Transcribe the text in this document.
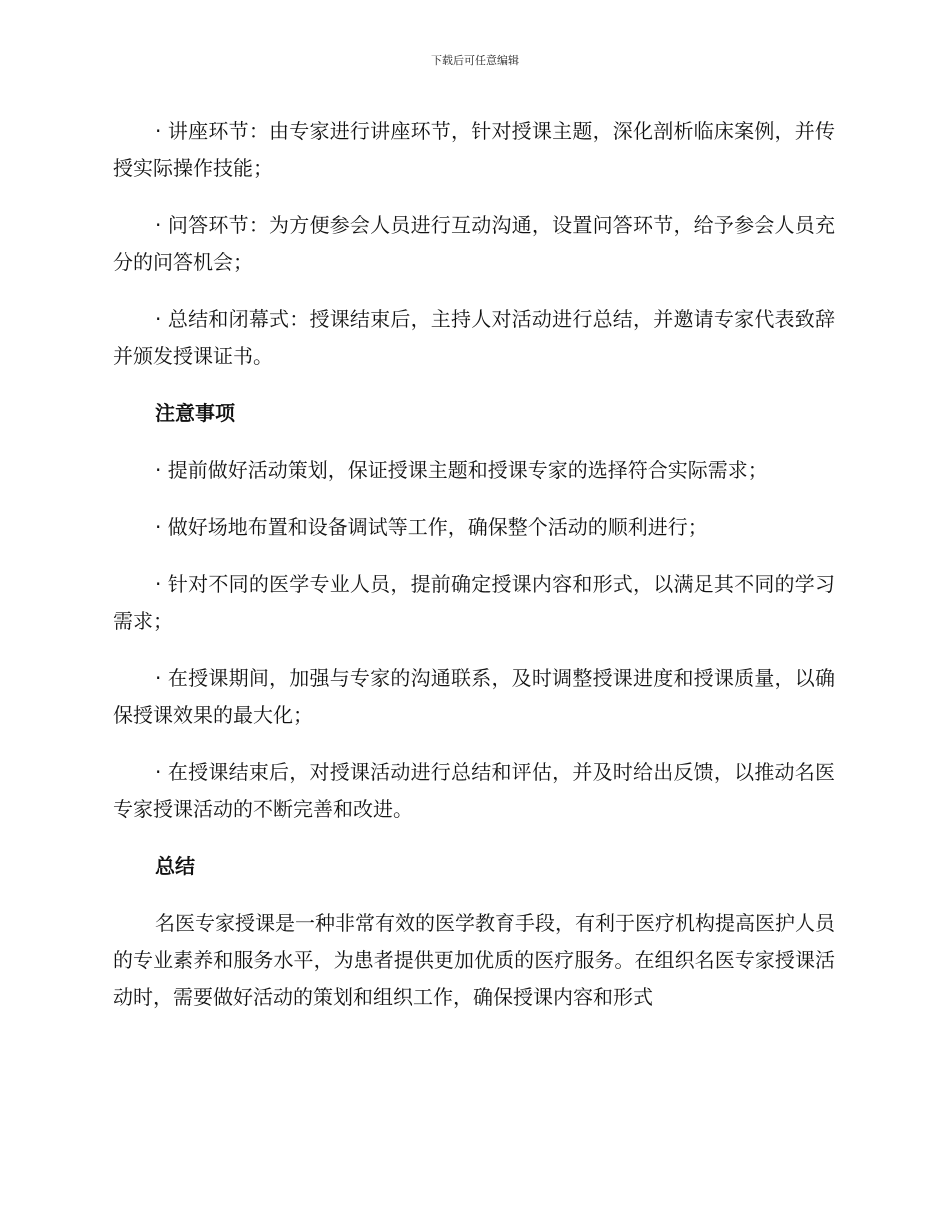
下载后可任意编辑

· 讲座环节：由专家进行讲座环节，针对授课主题，深化剖析临床案例，并传授实际操作技能；

· 问答环节：为方便参会人员进行互动沟通，设置问答环节，给予参会人员充分的问答机会；

· 总结和闭幕式：授课结束后，主持人对活动进行总结，并邀请专家代表致辞并颁发授课证书。

注意事项

· 提前做好活动策划，保证授课主题和授课专家的选择符合实际需求；

· 做好场地布置和设备调试等工作，确保整个活动的顺利进行；

· 针对不同的医学专业人员，提前确定授课内容和形式，以满足其不同的学习需求；

· 在授课期间，加强与专家的沟通联系，及时调整授课进度和授课质量，以确保授课效果的最大化；

· 在授课结束后，对授课活动进行总结和评估，并及时给出反馈，以推动名医专家授课活动的不断完善和改进。

总结

名医专家授课是一种非常有效的医学教育手段，有利于医疗机构提高医护人员的专业素养和服务水平，为患者提供更加优质的医疗服务。在组织名医专家授课活动时，需要做好活动的策划和组织工作，确保授课内容和形式
